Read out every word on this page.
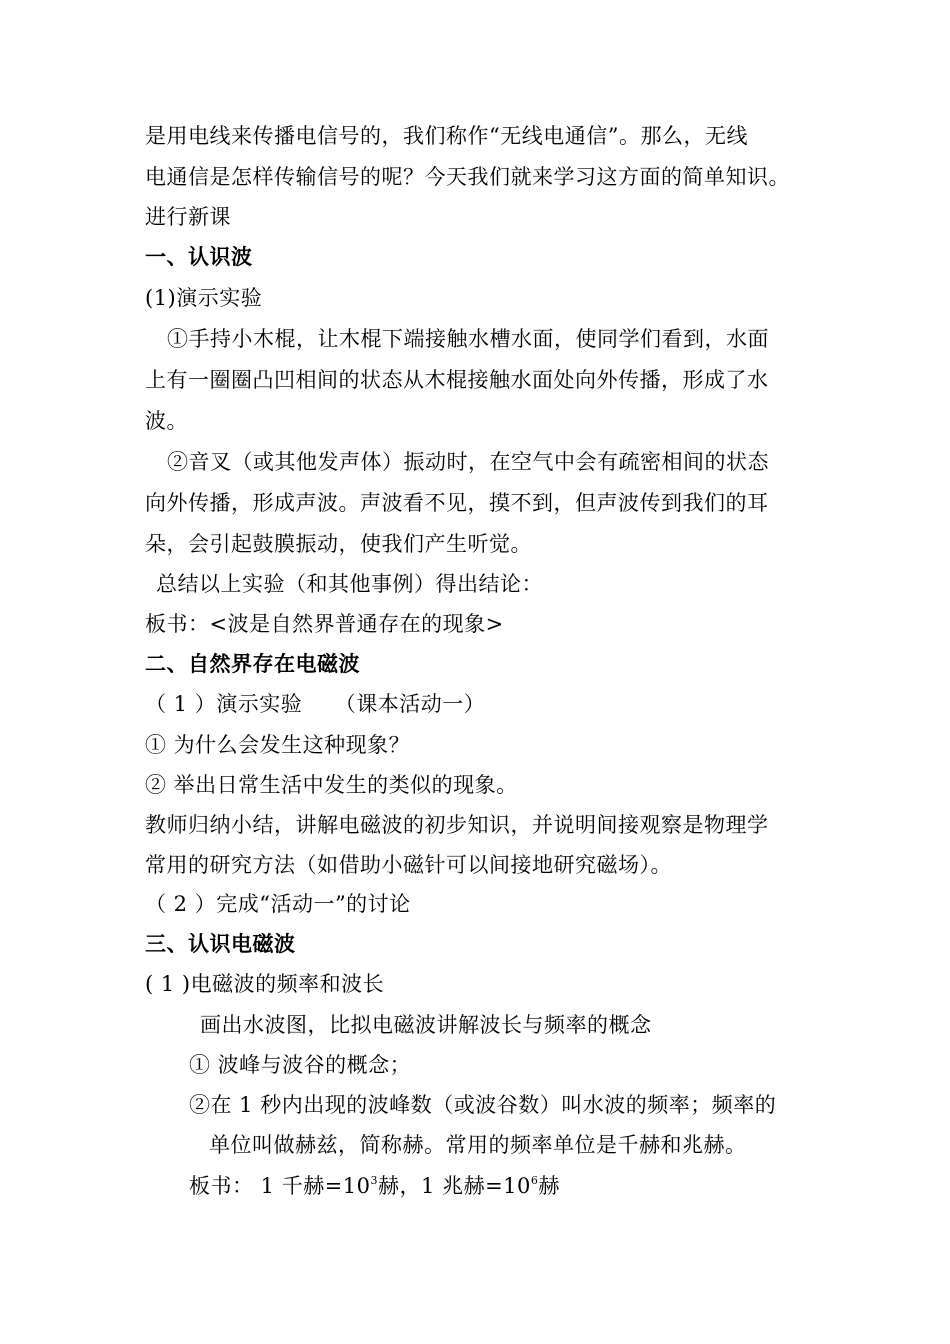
是用电线来传播电信号的，我们称作“无线电通信”。那么，无线
电通信是怎样传输信号的呢？今天我们就来学习这方面的简单知识。
进行新课
一、认识波
(1)演示实验
①手持小木棍，让木棍下端接触水槽水面，使同学们看到，水面
上有一圈圈凸凹相间的状态从木棍接触水面处向外传播，形成了水
波。
②音叉（或其他发声体）振动时，在空气中会有疏密相间的状态
向外传播，形成声波。声波看不见，摸不到，但声波传到我们的耳
朵，会引起鼓膜振动，使我们产生听觉。
总结以上实验（和其他事例）得出结论：
板书：<波是自然界普通存在的现象>
二、自然界存在电磁波
（ 1 ）演示实验　　（课本活动一）
① 为什么会发生这种现象？
② 举出日常生活中发生的类似的现象。
教师归纳小结，讲解电磁波的初步知识，并说明间接观察是物理学
常用的研究方法（如借助小磁针可以间接地研究磁场）。
（ 2 ）完成“活动一”的讨论
三、认识电磁波
( 1 )电磁波的频率和波长
画出水波图，比拟电磁波讲解波长与频率的概念
① 波峰与波谷的概念；
②在 1 秒内出现的波峰数（或波谷数）叫水波的频率；频率的
单位叫做赫兹，简称赫。常用的频率单位是千赫和兆赫。
板书： 1 千赫$=10^3$赫，1 兆赫$=10^6$赫
